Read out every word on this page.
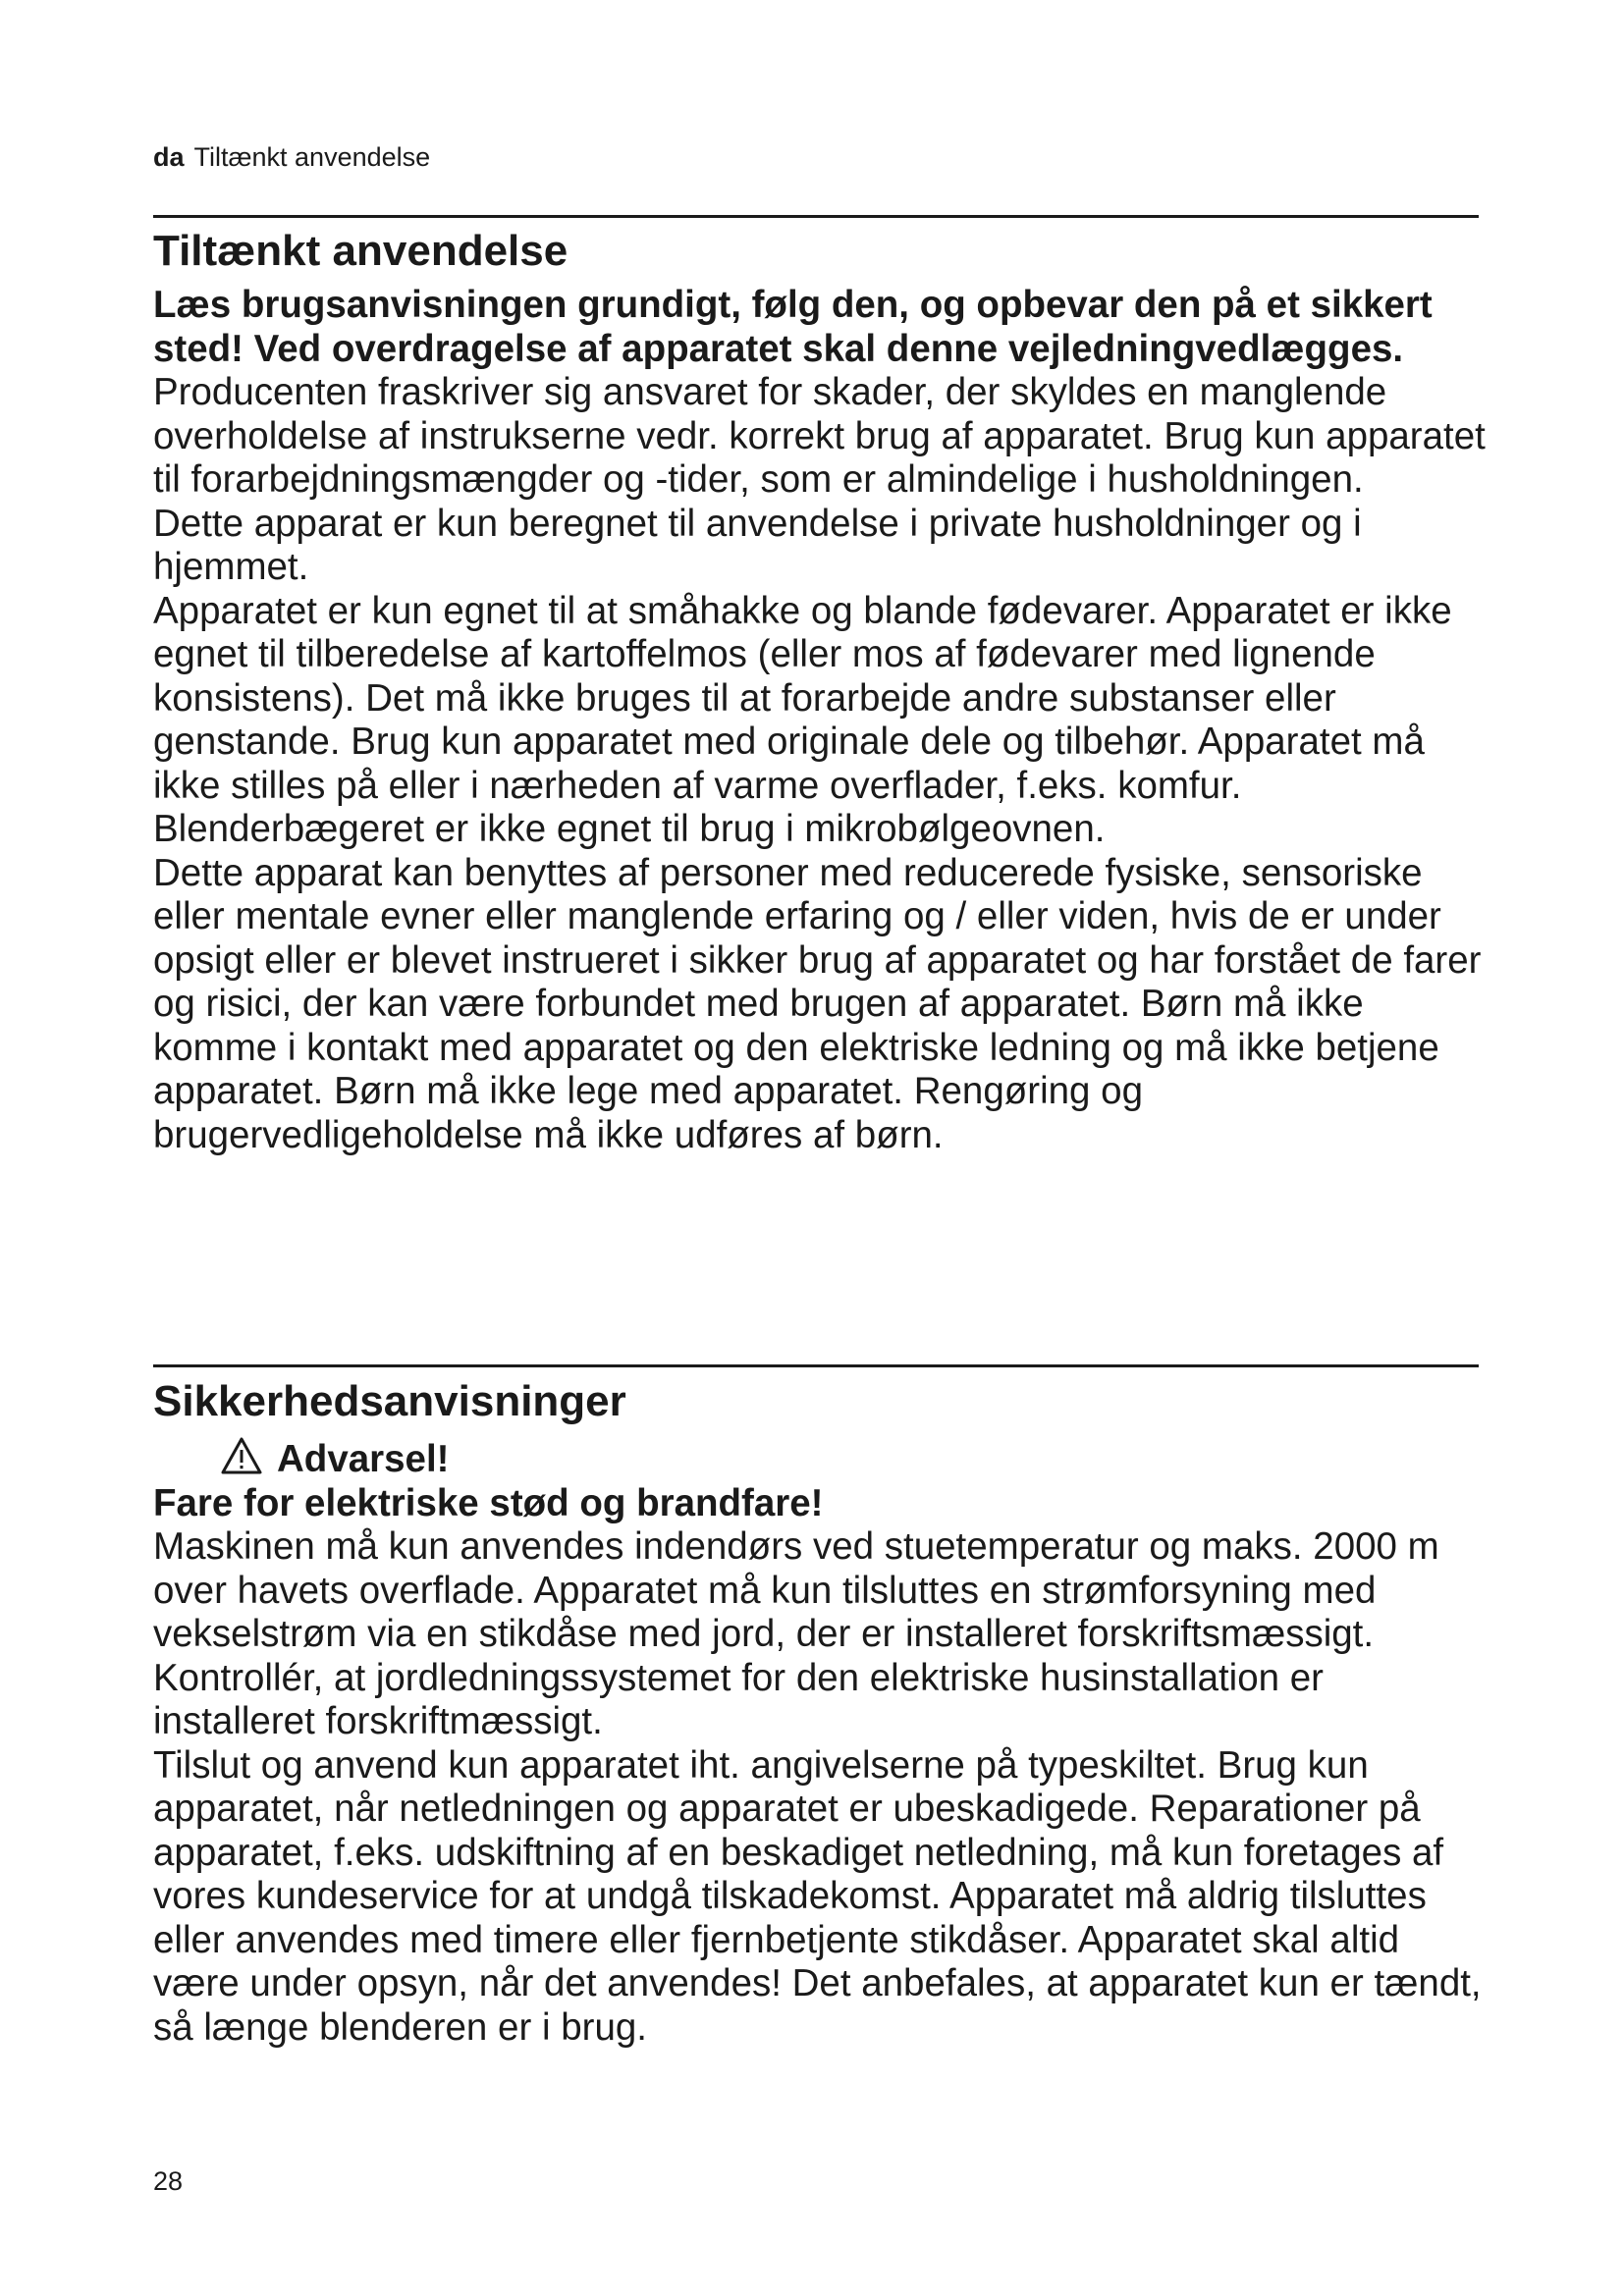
da Tiltænkt anvendelse
Tiltænkt anvendelse

Læs brugsanvisningen grundigt, følg den, og opbevar den på et sikkert sted! Ved overdragelse af apparatet skal denne vejledningvedlægges.

Producenten fraskriver sig ansvaret for skader, der skyldes en manglende overholdelse af instrukserne vedr. korrekt brug af apparatet. Brug kun apparatet til forarbejdningsmængder og -tider, som er almindelige i husholdningen.

Dette apparat er kun beregnet til anvendelse i private husholdninger og i hjemmet.

Apparatet er kun egnet til at småhakke og blande fødevarer. Apparatet er ikke egnet til tilberedelse af kartoffelmos (eller mos af fødevarer med lignende konsistens). Det må ikke bruges til at forarbejde andre substanser eller genstande. Brug kun apparatet med originale dele og tilbehør. Apparatet må ikke stilles på eller i nærheden af varme overflader, f.eks. komfur. Blenderbægeret er ikke egnet til brug i mikrobølgeovnen.

Dette apparat kan benyttes af personer med reducerede fysiske, sensoriske eller mentale evner eller manglende erfaring og / eller viden, hvis de er under opsigt eller er blevet instrueret i sikker brug af apparatet og har forstået de farer og risici, der kan være forbundet med brugen af apparatet. Børn må ikke komme i kontakt med apparatet og den elektriske ledning og må ikke betjene apparatet. Børn må ikke lege med apparatet. Rengøring og brugervedligeholdelse må ikke udføres af børn.

Sikkerhedsanvisninger
Advarsel!

Fare for elektriske stød og brandfare!

Maskinen må kun anvendes indendørs ved stuetemperatur og maks. 2000 m over havets overflade. Apparatet må kun tilsluttes en strømforsyning med vekselstrøm via en stikdåse med jord, der er installeret forskriftsmæssigt. Kontrollér, at jordledningssystemet for den elektriske husinstallation er installeret forskriftmæssigt.

Tilslut og anvend kun apparatet iht. angivelserne på typeskiltet. Brug kun apparatet, når netledningen og apparatet er ubeskadigede. Reparationer på apparatet, f.eks. udskiftning af en beskadiget netledning, må kun foretages af vores kundeservice for at undgå tilskadekomst. Apparatet må aldrig tilsluttes eller anvendes med timere eller fjernbetjente stikdåser. Apparatet skal altid være under opsyn, når det anvendes! Det anbefales, at apparatet kun er tændt, så længe blenderen er i brug.

28
